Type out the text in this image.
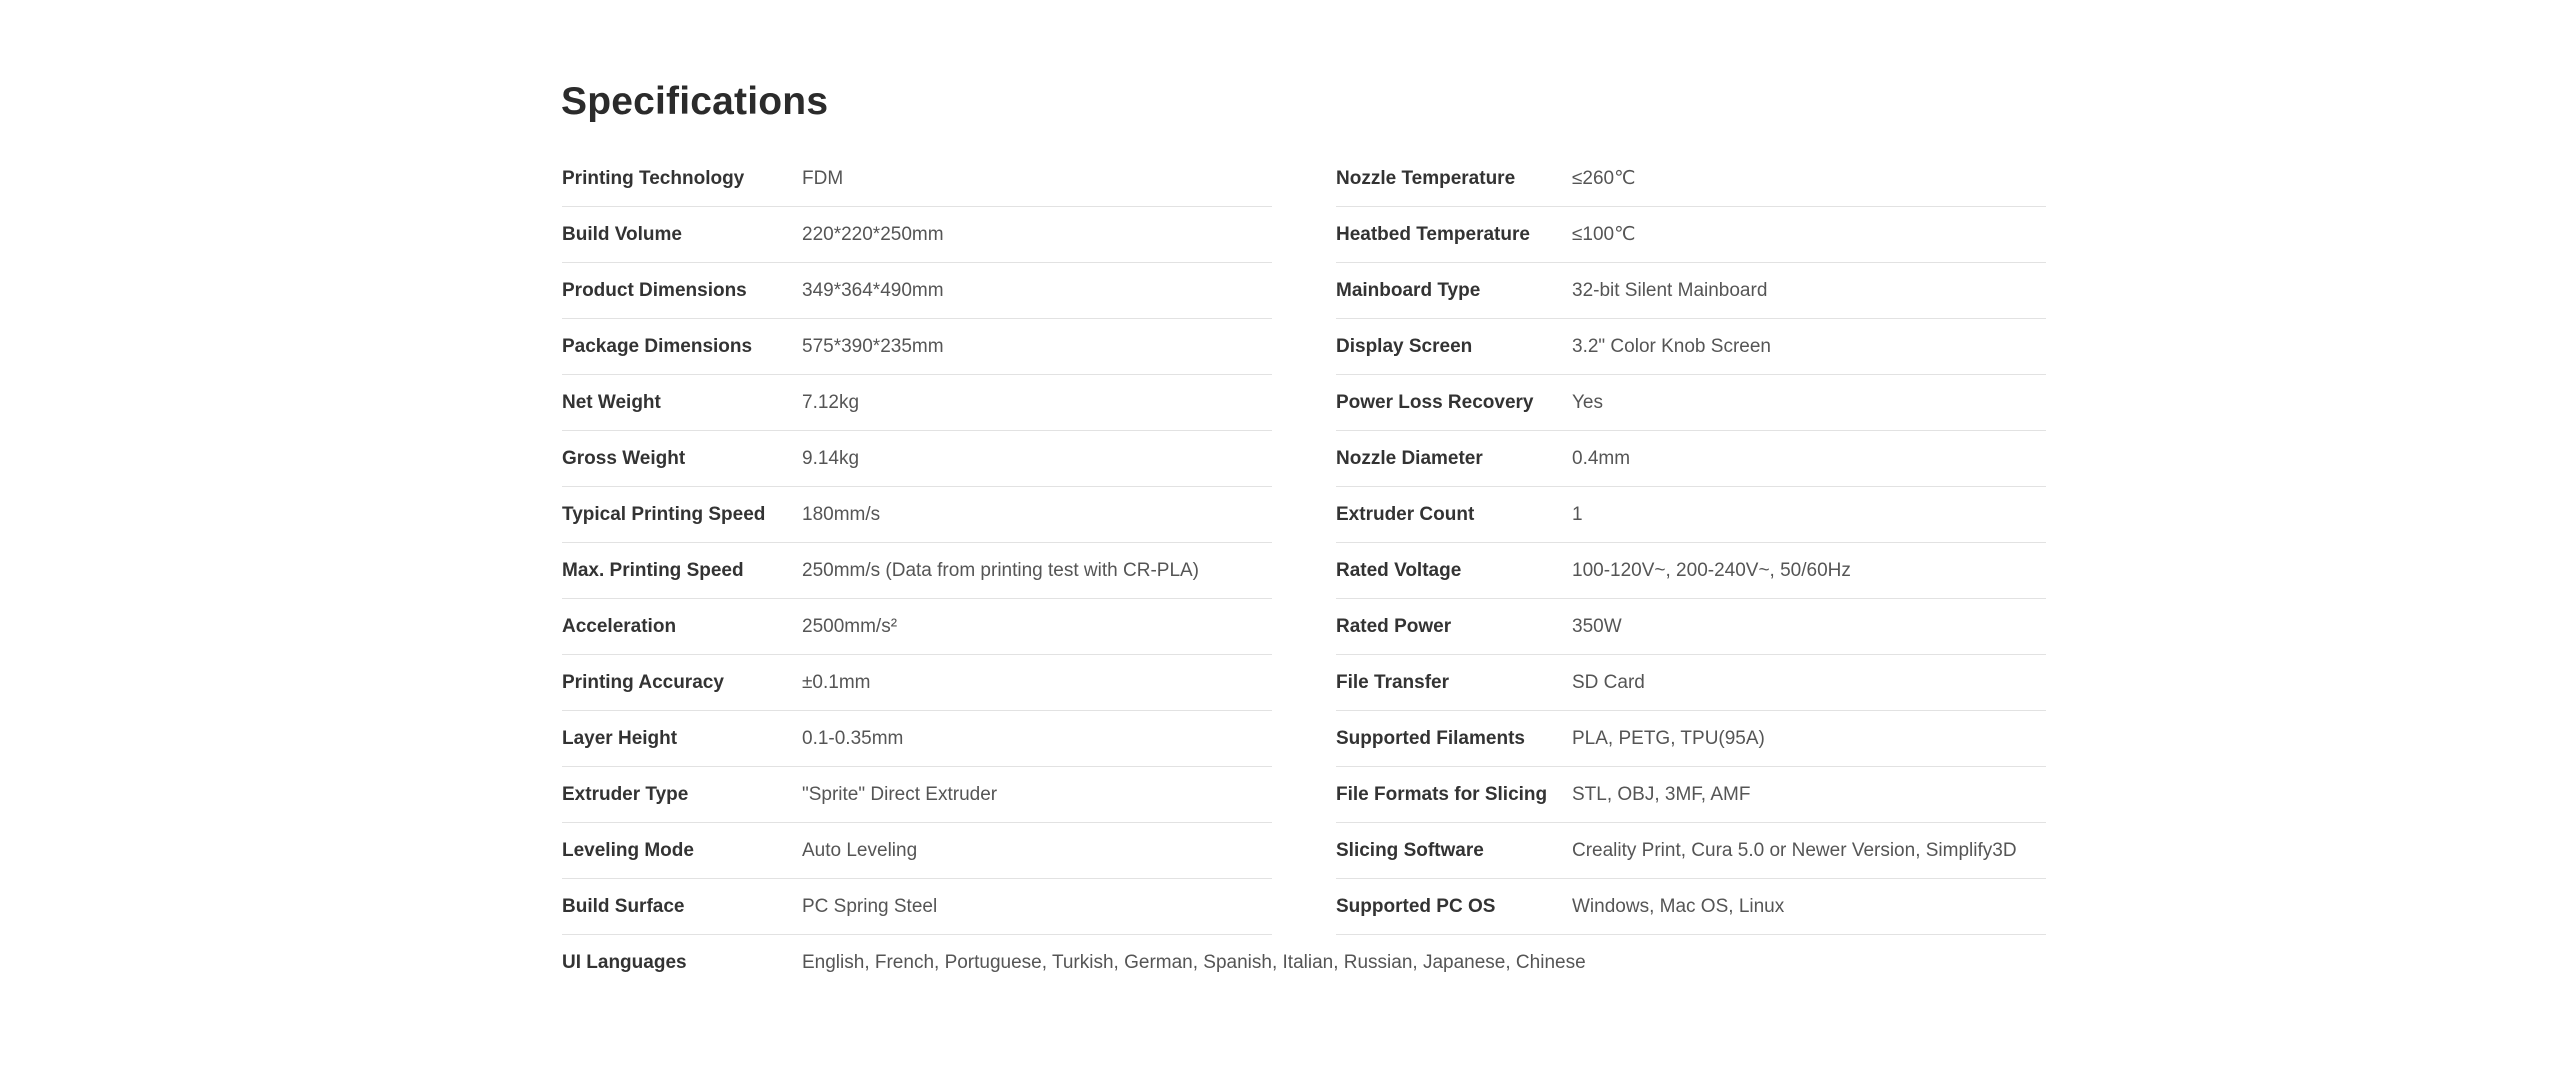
Specifications
Printing Technology	FDM
Build Volume	220*220*250mm
Product Dimensions	349*364*490mm
Package Dimensions	575*390*235mm
Net Weight	7.12kg
Gross Weight	9.14kg
Typical Printing Speed	180mm/s
Max. Printing Speed	250mm/s (Data from printing test with CR-PLA)
Acceleration	2500mm/s²
Printing Accuracy	±0.1mm
Layer Height	0.1-0.35mm
Extruder Type	"Sprite" Direct Extruder
Leveling Mode	Auto Leveling
Build Surface	PC Spring Steel
Nozzle Temperature	≤260℃
Heatbed Temperature	≤100℃
Mainboard Type	32-bit Silent Mainboard
Display Screen	3.2" Color Knob Screen
Power Loss Recovery	Yes
Nozzle Diameter	0.4mm
Extruder Count	1
Rated Voltage	100-120V~, 200-240V~, 50/60Hz
Rated Power	350W
File Transfer	SD Card
Supported Filaments	PLA, PETG, TPU(95A)
File Formats for Slicing	STL, OBJ, 3MF, AMF
Slicing Software	Creality Print, Cura 5.0 or Newer Version, Simplify3D
Supported PC OS	Windows, Mac OS, Linux
UI Languages	English, French, Portuguese, Turkish, German, Spanish, Italian, Russian, Japanese, Chinese
